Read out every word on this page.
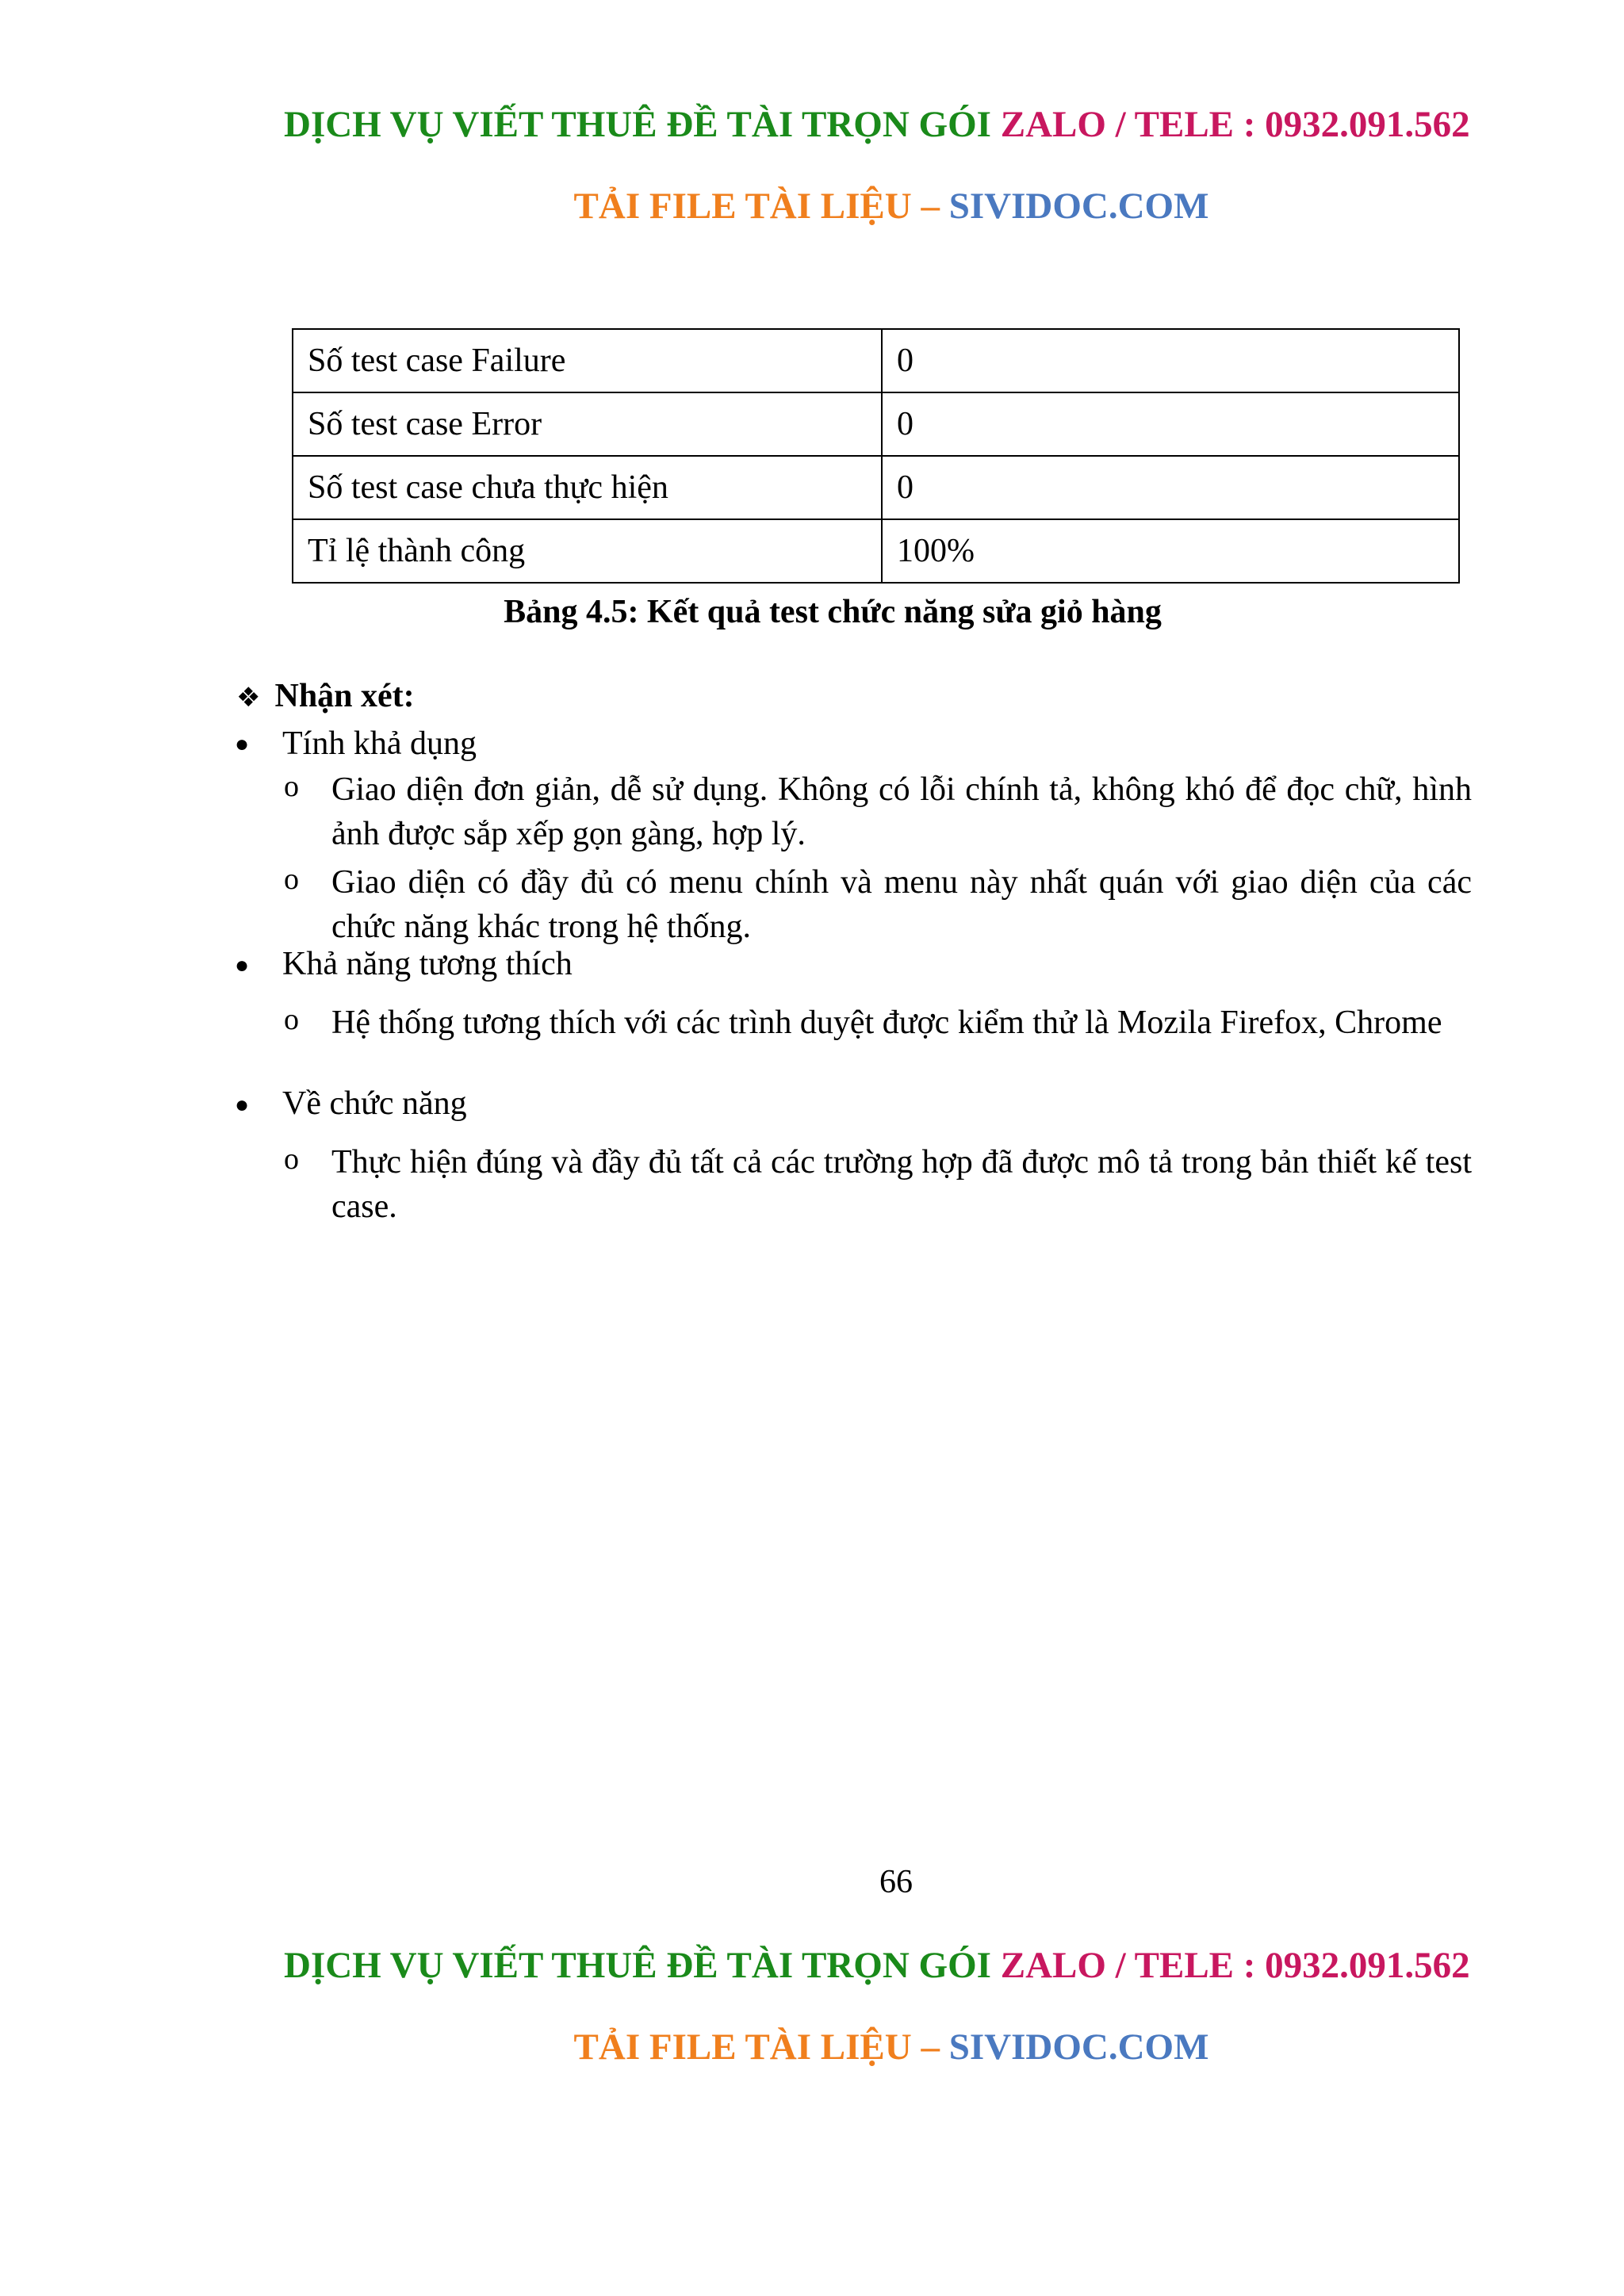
DỊCH VỤ VIẾT THUÊ ĐỀ TÀI TRỌN GÓI ZALO / TELE : 0932.091.562
TẢI FILE TÀI LIỆU – SIVIDOC.COM
Số test case Failure	0
Số test case Error	0
Số test case chưa thực hiện	0
Tỉ lệ thành công	100%
Bảng 4.5: Kết quả test chức năng sửa giỏ hàng
❖ Nhận xét:
● Tính khả dụng
o Giao diện đơn giản, dễ sử dụng. Không có lỗi chính tả, không khó để đọc chữ, hình ảnh được sắp xếp gọn gàng, hợp lý.
o Giao diện có đầy đủ có menu chính và menu này nhất quán với giao diện của các chức năng khác trong hệ thống.
● Khả năng tương thích
o Hệ thống tương thích với các trình duyệt được kiểm thử là Mozila Firefox, Chrome
● Về chức năng
o Thực hiện đúng và đầy đủ tất cả các trường hợp đã được mô tả trong bản thiết kế test case.
66
DỊCH VỤ VIẾT THUÊ ĐỀ TÀI TRỌN GÓI ZALO / TELE : 0932.091.562
TẢI FILE TÀI LIỆU – SIVIDOC.COM
